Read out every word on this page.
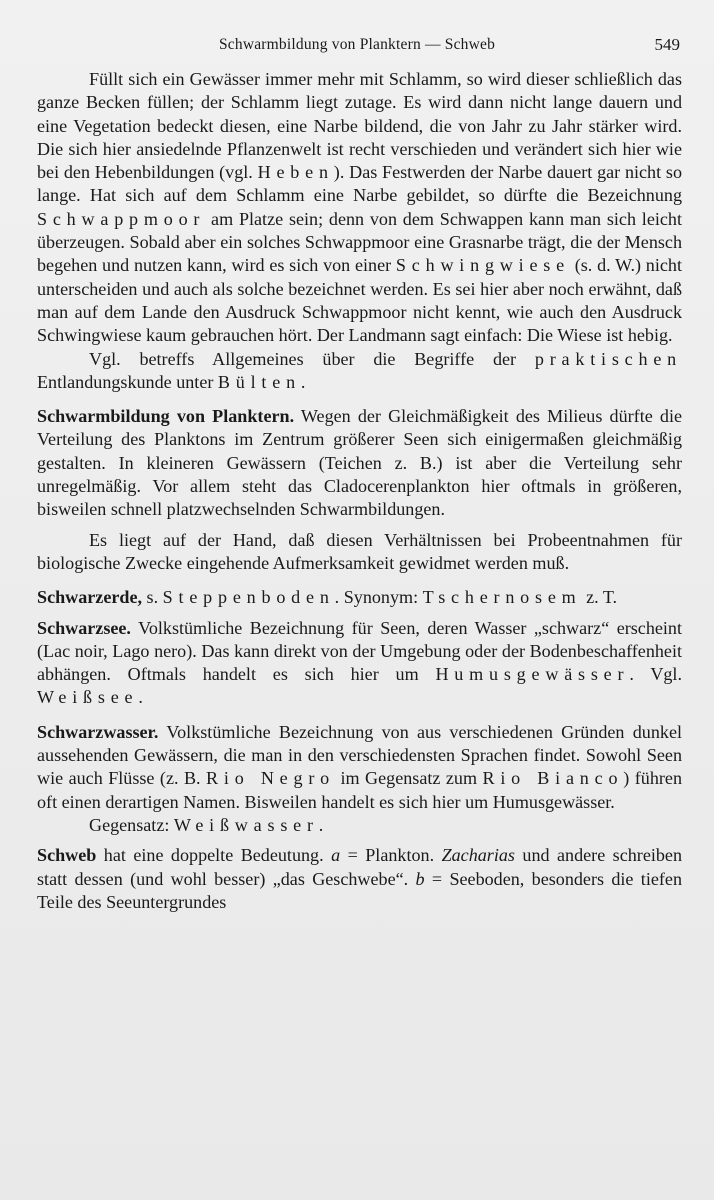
Schwarmbildung von Planktern — Schweb	549

Füllt sich ein Gewässer immer mehr mit Schlamm, so wird dieser schließlich das ganze Becken füllen; der Schlamm liegt zutage. Es wird dann nicht lange dauern und eine Vegetation bedeckt diesen, eine Narbe bildend, die von Jahr zu Jahr stärker wird. Die sich hier ansiedelnde Pflanzenwelt ist recht verschieden und verändert sich hier wie bei den Hebenbildungen (vgl. Heben). Das Festwerden der Narbe dauert gar nicht so lange. Hat sich auf dem Schlamm eine Narbe gebildet, so dürfte die Bezeichnung Schwappmoor am Platze sein; denn von dem Schwappen kann man sich leicht überzeugen. Sobald aber ein solches Schwappmoor eine Grasnarbe trägt, die der Mensch begehen und nutzen kann, wird es sich von einer Schwingwiese (s. d. W.) nicht unterscheiden und auch als solche bezeichnet werden. Es sei hier aber noch erwähnt, daß man auf dem Lande den Ausdruck Schwappmoor nicht kennt, wie auch den Ausdruck Schwingwiese kaum gebrauchen hört. Der Landmann sagt einfach: Die Wiese ist hebig.

Vgl. betreffs Allgemeines über die Begriffe der praktischen Entlandungskunde unter Bülten.

Schwarmbildung von Planktern. Wegen der Gleichmäßigkeit des Milieus dürfte die Verteilung des Planktons im Zentrum größerer Seen sich einigermaßen gleichmäßig gestalten. In kleineren Gewässern (Teichen z. B.) ist aber die Verteilung sehr unregelmäßig. Vor allem steht das Cladocerenplankton hier oftmals in größeren, bisweilen schnell platzwechselnden Schwarmbildungen.

Es liegt auf der Hand, daß diesen Verhältnissen bei Probeentnahmen für biologische Zwecke eingehende Aufmerksamkeit gewidmet werden muß.

Schwarzerde, s. Steppenboden. Synonym: Tschernosem z. T.

Schwarzsee. Volkstümliche Bezeichnung für Seen, deren Wasser „schwarz“ erscheint (Lac noir, Lago nero). Das kann direkt von der Umgebung oder der Bodenbeschaffenheit abhängen. Oftmals handelt es sich hier um Humusgewässer. Vgl. Weißsee.

Schwarzwasser. Volkstümliche Bezeichnung von aus verschiedenen Gründen dunkel aussehenden Gewässern, die man in den verschiedensten Sprachen findet. Sowohl Seen wie auch Flüsse (z. B. Rio Negro im Gegensatz zum Rio Bianco) führen oft einen derartigen Namen. Bisweilen handelt es sich hier um Humusgewässer.

Gegensatz: Weißwasser.

Schweb hat eine doppelte Bedeutung. a = Plankton. Zacharias und andere schreiben statt dessen (und wohl besser) „das Geschwebe“. b = Seeboden, besonders die tiefen Teile des Seeuntergrundes
